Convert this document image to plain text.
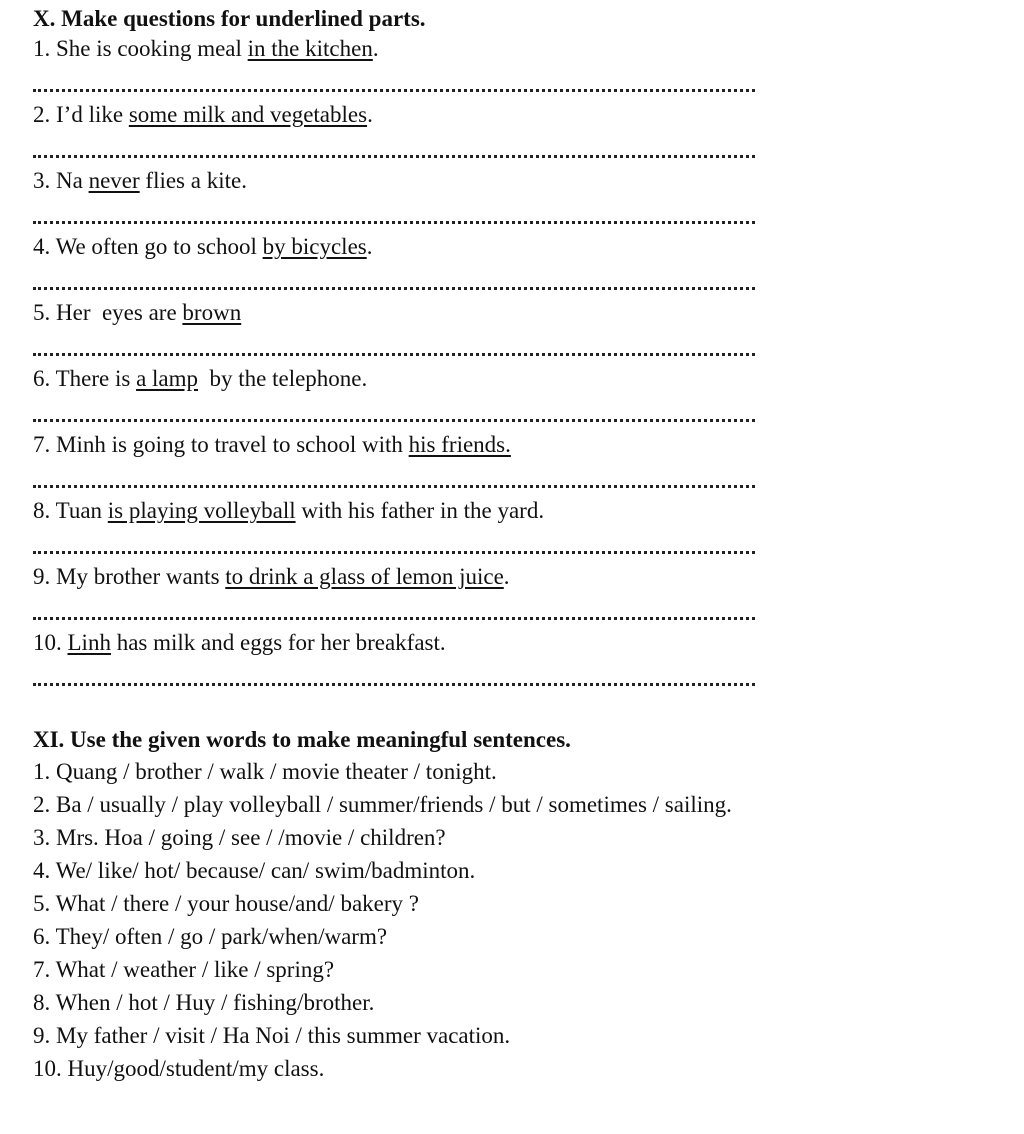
X. Make questions for underlined parts.
1. She is cooking meal in the kitchen.
2. I’d like some milk and vegetables.
3. Na never flies a kite.
4. We often go to school by bicycles.
5. Her  eyes are brown
6. There is a lamp  by the telephone.
7. Minh is going to travel to school with his friends.
8. Tuan is playing volleyball with his father in the yard.
9. My brother wants to drink a glass of lemon juice.
10. Linh has milk and eggs for her breakfast.
XI. Use the given words to make meaningful sentences.
1. Quang / brother / walk / movie theater / tonight.
2. Ba / usually / play volleyball / summer/friends / but / sometimes / sailing.
3. Mrs. Hoa / going / see / /movie / children?
4. We/ like/ hot/ because/ can/ swim/badminton.
5. What / there / your house/and/ bakery ?
6. They/ often / go / park/when/warm?
7. What / weather / like / spring?
8. When / hot / Huy / fishing/brother.
9. My father / visit / Ha Noi / this summer vacation.
10. Huy/good/student/my class.
